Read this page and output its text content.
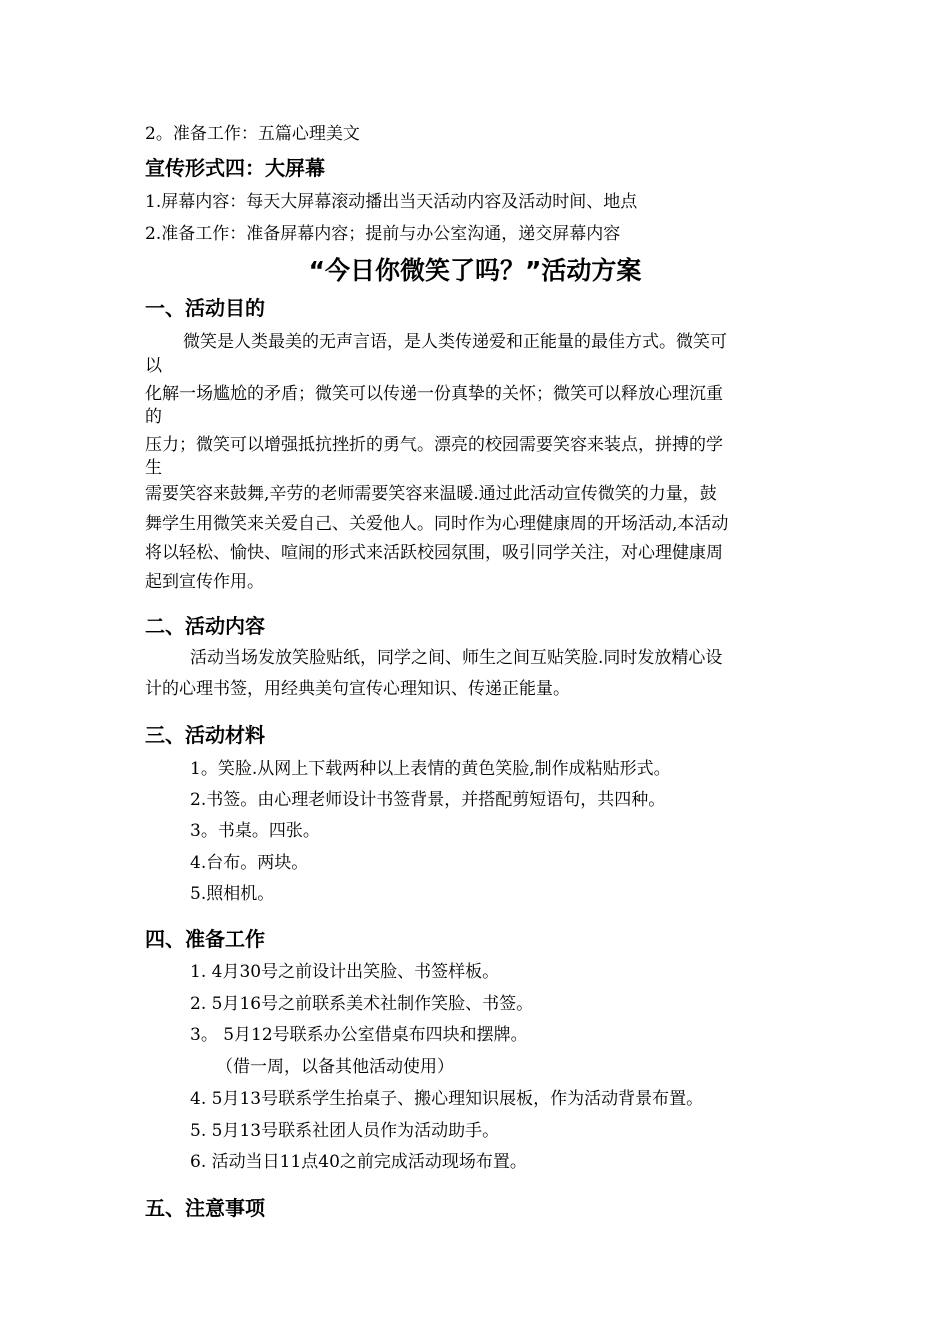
2。准备工作：五篇心理美文
宣传形式四：大屏幕
1.屏幕内容：每天大屏幕滚动播出当天活动内容及活动时间、地点
2.准备工作：准备屏幕内容；提前与办公室沟通，递交屏幕内容
“今日你微笑了吗？”活动方案
一、活动目的
微笑是人类最美的无声言语，是人类传递爱和正能量的最佳方式。微笑可
以
化解一场尴尬的矛盾；微笑可以传递一份真挚的关怀；微笑可以释放心理沉重
的
压力；微笑可以增强抵抗挫折的勇气。漂亮的校园需要笑容来装点，拼搏的学
生
需要笑容来鼓舞,辛劳的老师需要笑容来温暖.通过此活动宣传微笑的力量，鼓
舞学生用微笑来关爱自己、关爱他人。同时作为心理健康周的开场活动,本活动
将以轻松、愉快、喧闹的形式来活跃校园氛围，吸引同学关注，对心理健康周
起到宣传作用。
二、活动内容
活动当场发放笑脸贴纸，同学之间、师生之间互贴笑脸.同时发放精心设
计的心理书签，用经典美句宣传心理知识、传递正能量。
三、活动材料
1。笑脸.从网上下载两种以上表情的黄色笑脸,制作成粘贴形式。
2.书签。由心理老师设计书签背景，并搭配剪短语句，共四种。
3。书桌。四张。
4.台布。两块。
5.照相机。
四、准备工作
1. 4月30号之前设计出笑脸、书签样板。
2. 5月16号之前联系美术社制作笑脸、书签。
3。 5月12号联系办公室借桌布四块和摆牌。
（借一周，以备其他活动使用）
4. 5月13号联系学生抬桌子、搬心理知识展板，作为活动背景布置。
5. 5月13号联系社团人员作为活动助手。
6. 活动当日11点40之前完成活动现场布置。
五、注意事项
